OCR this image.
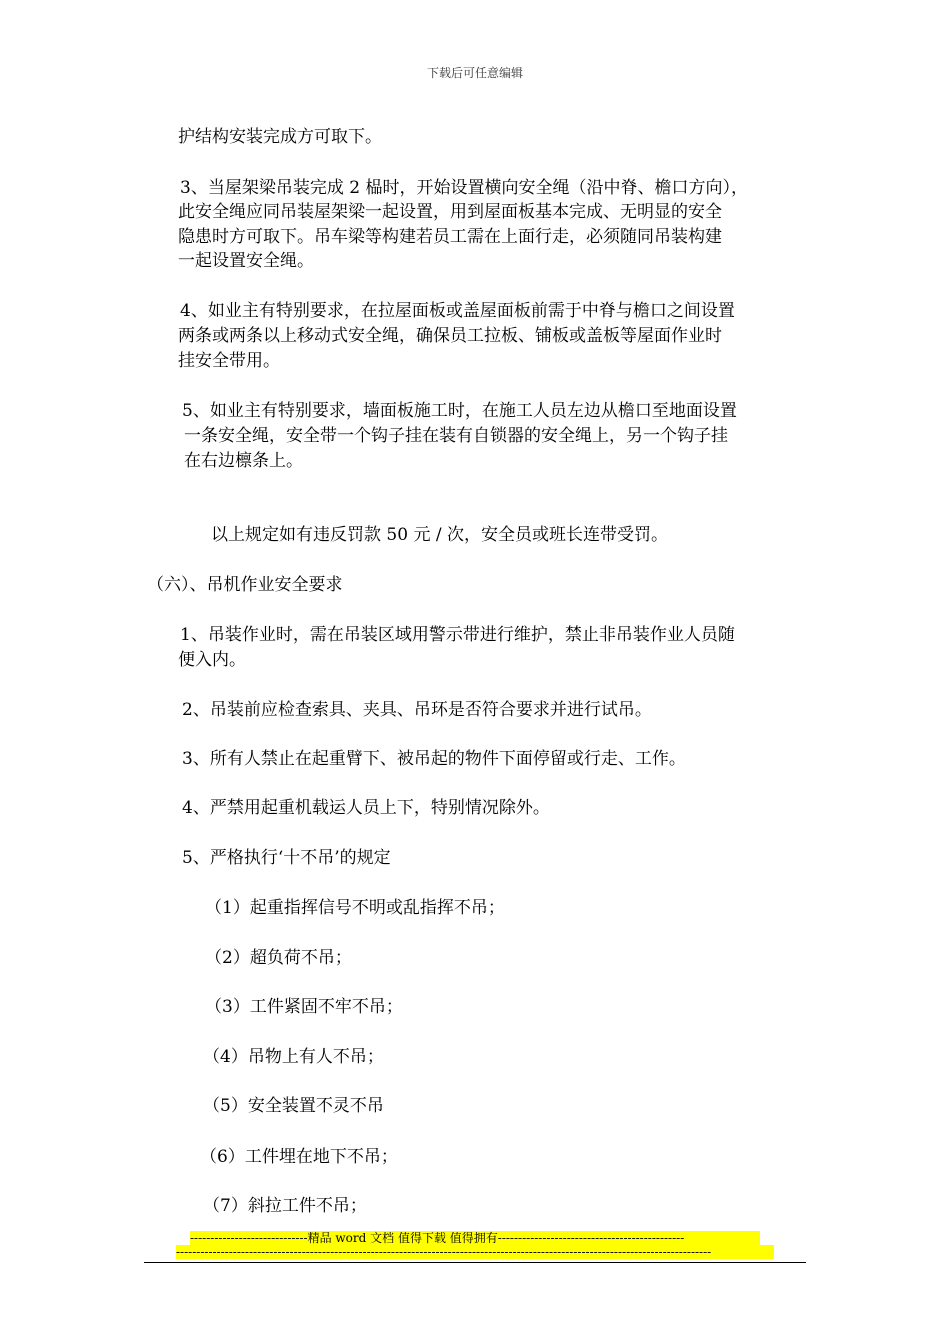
下载后可任意编辑
护结构安装完成方可取下。
3、当屋架梁吊装完成 2 榀时，开始设置横向安全绳（沿中脊、檐口方向），
此安全绳应同吊装屋架梁一起设置，用到屋面板基本完成、无明显的安全
隐患时方可取下。吊车梁等构建若员工需在上面行走，必须随同吊装构建
一起设置安全绳。
4、如业主有特别要求，在拉屋面板或盖屋面板前需于中脊与檐口之间设置
两条或两条以上移动式安全绳，确保员工拉板、铺板或盖板等屋面作业时
挂安全带用。
5、如业主有特别要求，墙面板施工时，在施工人员左边从檐口至地面设置
一条安全绳，安全带一个钩子挂在装有自锁器的安全绳上，另一个钩子挂
在右边檩条上。
以上规定如有违反罚款 50 元 / 次，安全员或班长连带受罚。
（六）、吊机作业安全要求
1、吊装作业时，需在吊装区域用警示带进行维护，禁止非吊装作业人员随
便入内。
2、吊装前应检查索具、夹具、吊环是否符合要求并进行试吊。
3、所有人禁止在起重臂下、被吊起的物件下面停留或行走、工作。
4、严禁用起重机载运人员上下，特别情况除外。
5、严格执行‘十不吊’的规定
（1）起重指挥信号不明或乱指挥不吊；
（2）超负荷不吊；
（3）工件紧固不牢不吊；
（4）吊物上有人不吊；
（5）安全装置不灵不吊
（6）工件埋在地下不吊；
（7）斜拉工件不吊；
-----------------------------精品 word 文档 值得下载 值得拥有----------------------------------------------
------------------------------------------------------------------------------------------------------------------------------------
